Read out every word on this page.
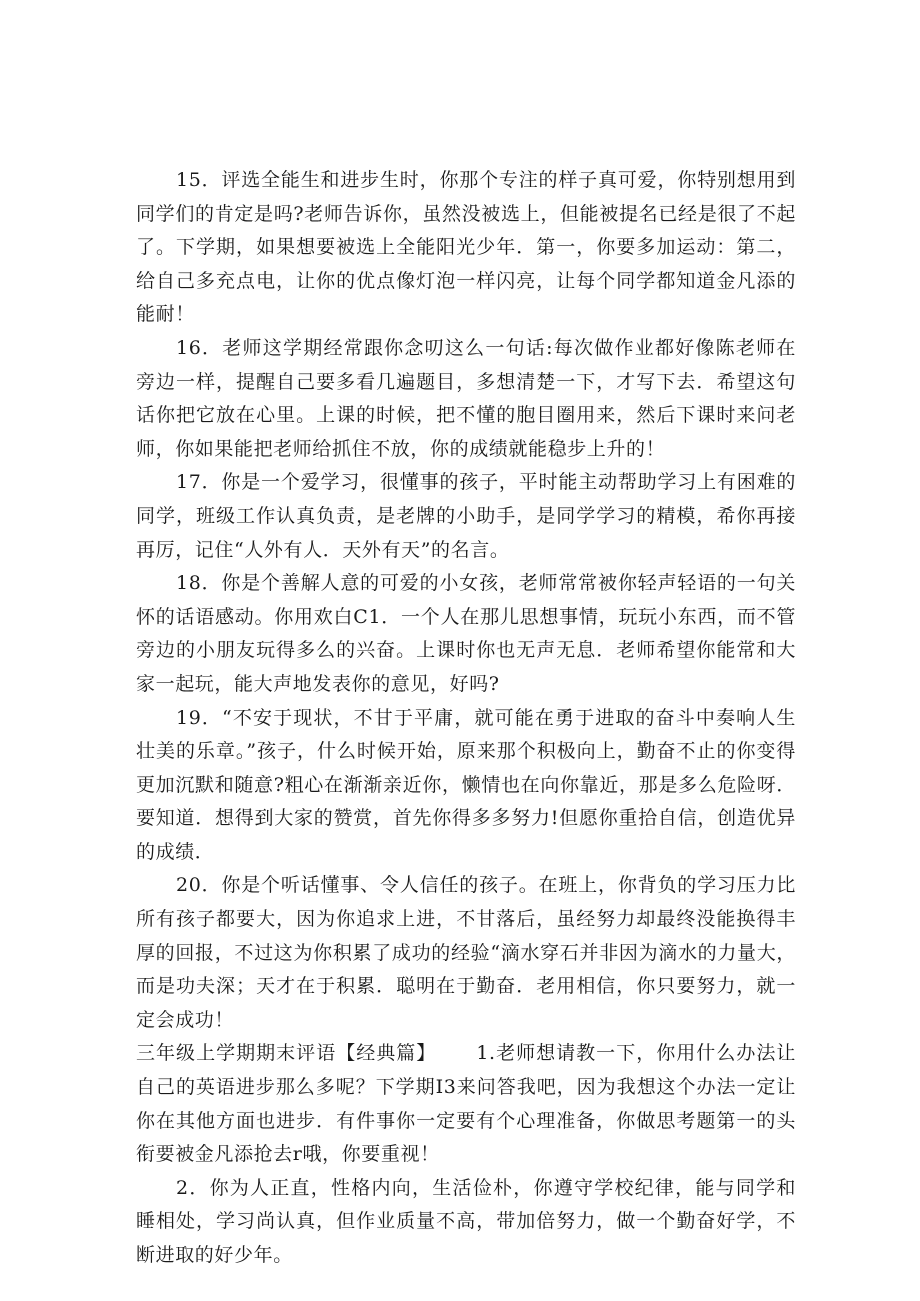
15．评选全能生和进步生时，你那个专注的样子真可爱，你特别想用到同学们的肯定是吗?老师告诉你，虽然没被选上，但能被提名已经是很了不起了。下学期，如果想要被选上全能阳光少年．第一，你要多加运动：第二，给自己多充点电，让你的优点像灯泡一样闪亮，让每个同学都知道金凡添的能耐！

16．老师这学期经常跟你念叨这么一句话:每次做作业都好像陈老师在旁边一样，提醒自己要多看几遍题目，多想清楚一下，才写下去．希望这句话你把它放在心里。上课的时候，把不懂的胞目圈用来，然后下课时来问老师，你如果能把老师给抓住不放，你的成绩就能稳步上升的！

17．你是一个爱学习，很懂事的孩子，平时能主动帮助学习上有困难的同学，班级工作认真负责，是老牌的小助手，是同学学习的精模，希你再接再厉，记住“人外有人．天外有天”的名言。

18．你是个善解人意的可爱的小女孩，老师常常被你轻声轻语的一句关怀的话语感动。你用欢白C1．一个人在那儿思想事情，玩玩小东西，而不管旁边的小朋友玩得多么的兴奋。上课时你也无声无息．老师希望你能常和大家一起玩，能大声地发表你的意见，好吗?

19．“不安于现状，不甘于平庸，就可能在勇于进取的奋斗中奏响人生壮美的乐章。”孩子，什么时候开始，原来那个积极向上，勤奋不止的你变得更加沉默和随意?粗心在渐渐亲近你，懒情也在向你靠近，那是多么危险呀．要知道．想得到大家的赞赏，首先你得多多努力!但愿你重拾自信，创造优异的成绩．

20．你是个听话懂事、令人信任的孩子。在班上，你背负的学习压力比所有孩子都要大，因为你追求上进，不甘落后，虽经努力却最终没能换得丰厚的回报，不过这为你积累了成功的经验“滴水穿石并非因为滴水的力量大，而是功夫深；天才在于积累．聪明在于勤奋．老用相信，你只要努力，就一定会成功！

三年级上学期期末评语【经典篇】 1.老师想请教一下，你用什么办法让自己的英语进步那么多呢？下学期I3来问答我吧，因为我想这个办法一定让你在其他方面也进步．有件事你一定要有个心理准备，你做思考题第一的头衔要被金凡添抢去r哦，你要重视！

2．你为人正直，性格内向，生活俭朴，你遵守学校纪律，能与同学和睡相处，学习尚认真，但作业质量不高，带加倍努力，做一个勤奋好学，不断进取的好少年。
